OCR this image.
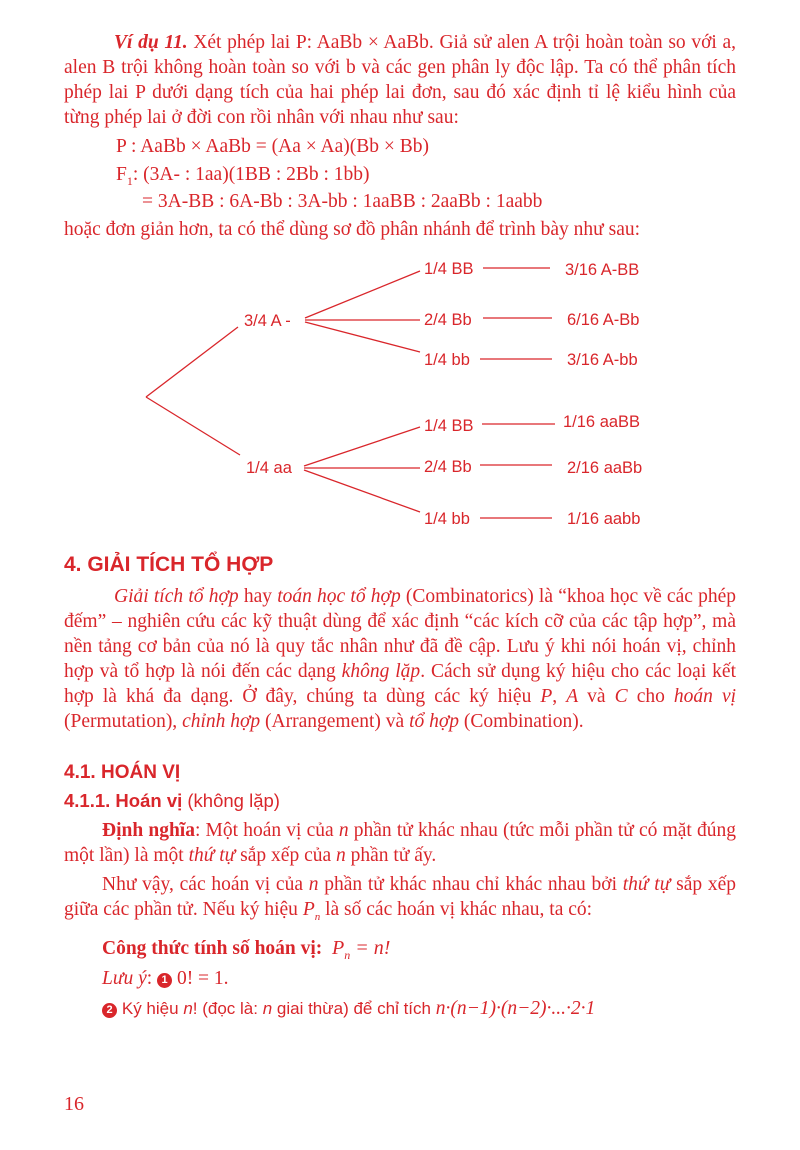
Ví dụ 11. Xét phép lai P: AaBb × AaBb. Giả sử alen A trội hoàn toàn so với a, alen B trội không hoàn toàn so với b và các gen phân ly độc lập. Ta có thể phân tích phép lai P dưới dạng tích của hai phép lai đơn, sau đó xác định tỉ lệ kiểu hình của từng phép lai ở đời con rồi nhân với nhau như sau:
P : AaBb × AaBb = (Aa × Aa)(Bb × Bb)
$F_1$: (3A- : 1aa)(1BB : 2Bb : 1bb)
= 3A-BB : 6A-Bb : 3A-bb : 1aaBB : 2aaBb : 1aabb
hoặc đơn giản hơn, ta có thể dùng sơ đồ phân nhánh để trình bày như sau:
3/4 A -
1/4 aa
1/4 BB
2/4 Bb
1/4 bb
1/4 BB
2/4 Bb
1/4 bb
3/16 A-BB
6/16 A-Bb
3/16 A-bb
1/16 aaBB
2/16 aaBb
1/16 aabb
4. GIẢI TÍCH TỔ HỢP
Giải tích tổ hợp hay toán học tổ hợp (Combinatorics) là “khoa học về các phép đếm” – nghiên cứu các kỹ thuật dùng để xác định “các kích cỡ của các tập hợp”, mà nền tảng cơ bản của nó là quy tắc nhân như đã đề cập. Lưu ý khi nói hoán vị, chỉnh hợp và tổ hợp là nói đến các dạng không lặp. Cách sử dụng ký hiệu cho các loại kết hợp là khá đa dạng. Ở đây, chúng ta dùng các ký hiệu P, A và C cho hoán vị (Permutation), chỉnh hợp (Arrangement) và tổ hợp (Combination).
4.1. HOÁN VỊ
4.1.1. Hoán vị (không lặp)
Định nghĩa: Một hoán vị của n phần tử khác nhau (tức mỗi phần tử có mặt đúng một lần) là một thứ tự sắp xếp của n phần tử ấy.
Như vậy, các hoán vị của n phần tử khác nhau chỉ khác nhau bởi thứ tự sắp xếp giữa các phần tử. Nếu ký hiệu $P_n$ là số các hoán vị khác nhau, ta có:
Công thức tính số hoán vị: $P_n = n$!
Lưu ý: 1 0! = 1.
2 Ký hiệu n! (đọc là: n giai thừa) để chỉ tích n·(n−1)·(n−2)·...·2·1
16
